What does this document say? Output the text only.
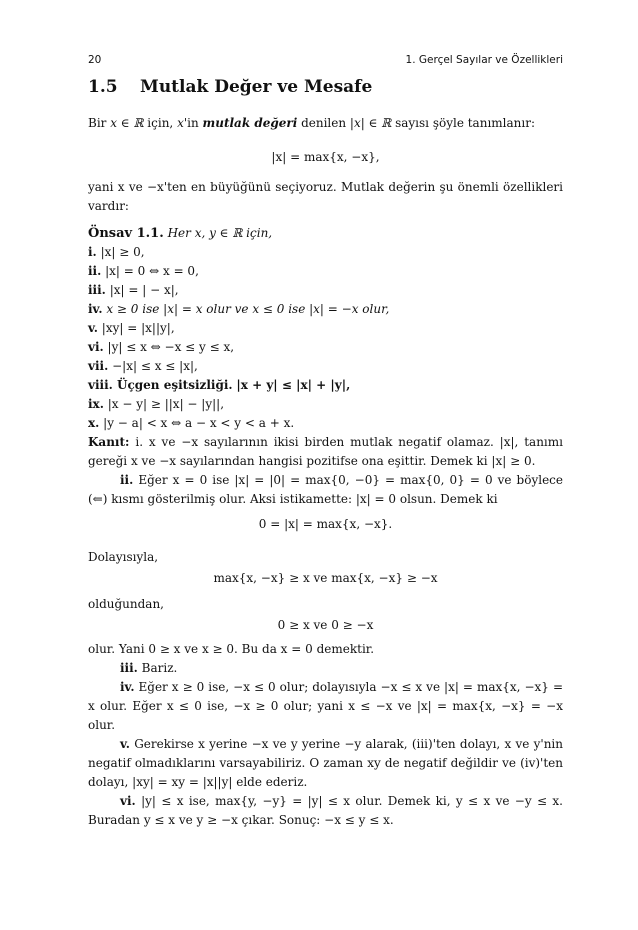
20	1. Gerçel Sayılar ve Özellikleri
1.5 Mutlak Değer ve Mesafe

Bir x ∈ ℝ için, x'in mutlak değeri denilen |x| ∈ ℝ sayısı şöyle tanımlanır:

|x| = max{x, −x},

yani x ve −x'ten en büyüğünü seçiyoruz. Mutlak değerin şu önemli özellikleri vardır:

Önsav 1.1. Her x, y ∈ ℝ için,
i. |x| ≥ 0,
ii. |x| = 0 ⇔ x = 0,
iii. |x| = | − x|,
iv. x ≥ 0 ise |x| = x olur ve x ≤ 0 ise |x| = −x olur,
v. |xy| = |x||y|,
vi. |y| ≤ x ⇔ −x ≤ y ≤ x,
vii. −|x| ≤ x ≤ |x|,
viii. Üçgen eşitsizliği. |x + y| ≤ |x| + |y|,
ix. |x − y| ≥ ||x| − |y||,
x. |y − a| < x ⇔ a − x < y < a + x.

Kanıt: i. x ve −x sayılarının ikisi birden mutlak negatif olamaz. |x|, tanımı gereği x ve −x sayılarından hangisi pozitifse ona eşittir. Demek ki |x| ≥ 0.

ii. Eğer x = 0 ise |x| = |0| = max{0, −0} = max{0, 0} = 0 ve böylece (⇐) kısmı gösterilmiş olur. Aksi istikamette: |x| = 0 olsun. Demek ki

0 = |x| = max{x, −x}.

Dolayısıyla,

max{x, −x} ≥ x ve max{x, −x} ≥ −x

olduğundan,

0 ≥ x ve 0 ≥ −x

olur. Yani 0 ≥ x ve x ≥ 0. Bu da x = 0 demektir.

iii. Bariz.

iv. Eğer x ≥ 0 ise, −x ≤ 0 olur; dolayısıyla −x ≤ x ve |x| = max{x, −x} = x olur. Eğer x ≤ 0 ise, −x ≥ 0 olur; yani x ≤ −x ve |x| = max{x, −x} = −x olur.

v. Gerekirse x yerine −x ve y yerine −y alarak, (iii)'ten dolayı, x ve y'nin negatif olmadıklarını varsayabiliriz. O zaman xy de negatif değildir ve (iv)'ten dolayı, |xy| = xy = |x||y| elde ederiz.

vi. |y| ≤ x ise, max{y, −y} = |y| ≤ x olur. Demek ki, y ≤ x ve −y ≤ x. Buradan y ≤ x ve y ≥ −x çıkar. Sonuç: −x ≤ y ≤ x.
